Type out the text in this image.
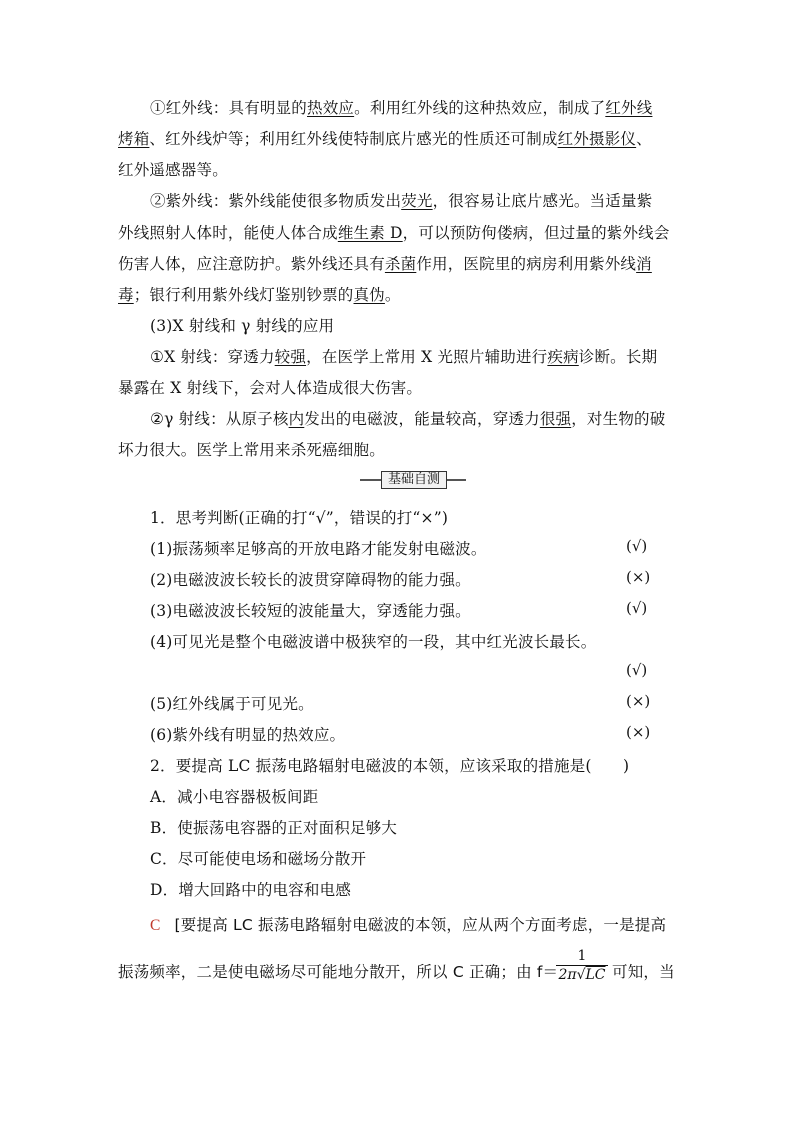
①红外线：具有明显的热效应。利用红外线的这种热效应，制成了红外线
烤箱、红外线炉等；利用红外线使特制底片感光的性质还可制成红外摄影仪、
红外遥感器等。
②紫外线：紫外线能使很多物质发出荧光，很容易让底片感光。当适量紫
外线照射人体时，能使人体合成维生素 D，可以预防佝偻病，但过量的紫外线会
伤害人体，应注意防护。紫外线还具有杀菌作用，医院里的病房利用紫外线消
毒；银行利用紫外线灯鉴别钞票的真伪。
(3)X 射线和 γ 射线的应用
①X 射线：穿透力较强，在医学上常用 X 光照片辅助进行疾病诊断。长期
暴露在 X 射线下，会对人体造成很大伤害。
②γ 射线：从原子核内发出的电磁波，能量较高，穿透力很强，对生物的破
坏力很大。医学上常用来杀死癌细胞。
基础自测
1．思考判断(正确的打“√”，错误的打“×”)
(1)振荡频率足够高的开放电路才能发射电磁波。	(√)
(2)电磁波波长较长的波贯穿障碍物的能力强。	(×)
(3)电磁波波长较短的波能量大，穿透能力强。	(√)
(4)可见光是整个电磁波谱中极狭窄的一段，其中红光波长最长。
(√)
(5)红外线属于可见光。	(×)
(6)紫外线有明显的热效应。	(×)
2．要提高 LC 振荡电路辐射电磁波的本领，应该采取的措施是(　　)
A．减小电容器极板间距
B．使振荡电容器的正对面积足够大
C．尽可能使电场和磁场分散开
D．增大回路中的电容和电感
C [要提高 LC 振荡电路辐射电磁波的本领，应从两个方面考虑，一是提高
振荡频率，二是使电磁场尽可能地分散开，所以 C 正确；由 f＝
$\frac{1}{2\pi√LC}$ 可知，当
